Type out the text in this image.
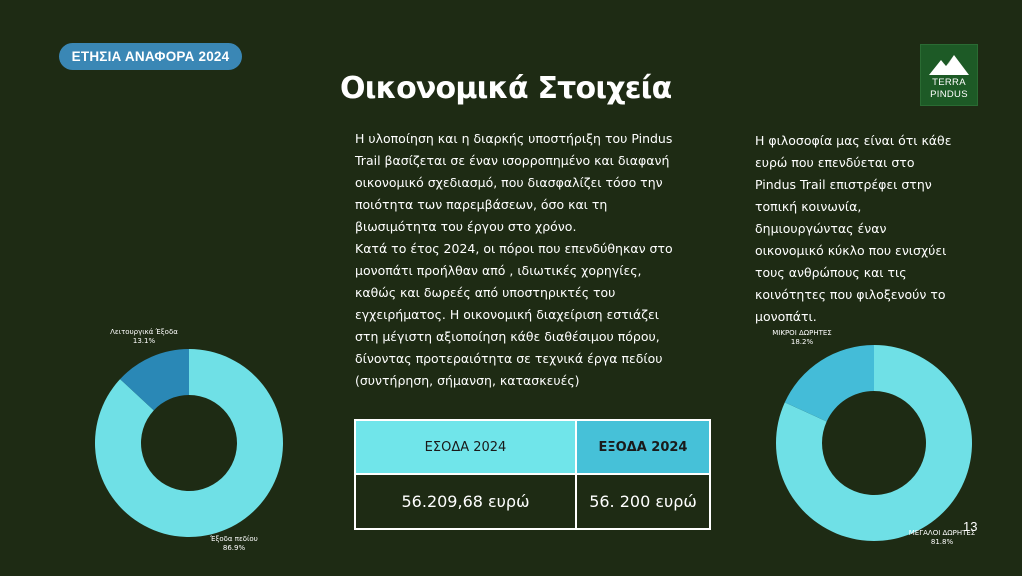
ΕΤΗΣΙΑ ΑΝΑΦΟΡΑ 2024
Οικονομικά Στοιχεία	TERRA
PINDUS
Η υλοποίηση και η διαρκής υποστήριξη του Pindus
Trail βασίζεται σε έναν ισορροπημένο και διαφανή
οικονομικό σχεδιασμό, που διασφαλίζει τόσο την
ποιότητα των παρεμβάσεων, όσο και τη
βιωσιμότητα του έργου στο χρόνο.
Κατά το έτος 2024, οι πόροι που επενδύθηκαν στο
μονοπάτι προήλθαν από , ιδιωτικές χορηγίες,
καθώς και δωρεές από υποστηρικτές του
εγχειρήματος. Η οικονομική διαχείριση εστιάζει
στη μέγιστη αξιοποίηση κάθε διαθέσιμου πόρου,
δίνοντας προτεραιότητα σε τεχνικά έργα πεδίου
(συντήρηση, σήμανση, κατασκευές)
Η φιλοσοφία μας είναι ότι κάθε
ευρώ που επενδύεται στο
Pindus Trail επιστρέφει στην
τοπική κοινωνία,
δημιουργώντας έναν
οικονομικό κύκλο που ενισχύει
τους ανθρώπους και τις
κοινότητες που φιλοξενούν το
μονοπάτι.
ΕΣΟΔΑ 2024	ΕΞΟΔΑ 2024
56.209,68 ευρώ	56. 200 ευρώ
Έξοδα πεδίου
86.9%
Λειτουργικά Έξοδα
13.1%
ΜΕΓΑΛΟΙ ΔΩΡΗΤΕΣ
81.8%
ΜΙΚΡΟΙ ΔΩΡΗΤΕΣ
18.2%
13
